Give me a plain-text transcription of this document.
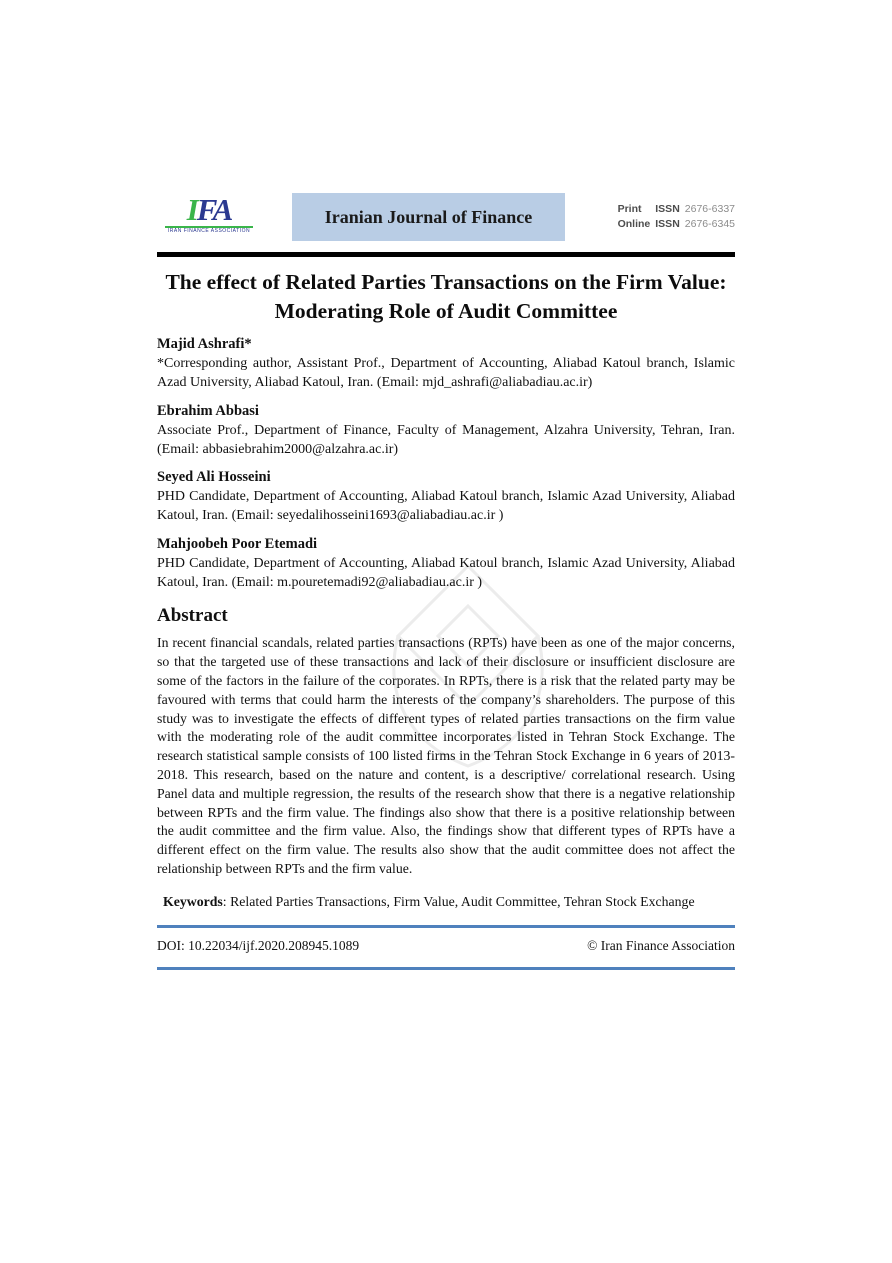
IFA
IRAN FINANCE ASSOCIATION
Iranian Journal of Finance	Print	ISSN 2676-6337
Online ISSN 2676-6345
The effect of Related Parties Transactions on the Firm Value: Moderating Role of Audit Committee
Majid Ashrafi*

*Corresponding author, Assistant Prof., Department of Accounting, Aliabad Katoul branch, Islamic Azad University, Aliabad Katoul, Iran. (Email: mjd_ashrafi@aliabadiau.ac.ir)

Ebrahim Abbasi

Associate Prof., Department of Finance, Faculty of Management, Alzahra University, Tehran, Iran. (Email: abbasiebrahim2000@alzahra.ac.ir)

Seyed Ali Hosseini

PHD Candidate, Department of Accounting, Aliabad Katoul branch, Islamic Azad University, Aliabad Katoul, Iran. (Email: seyedalihosseini1693@aliabadiau.ac.ir )

Mahjoobeh Poor Etemadi

PHD Candidate, Department of Accounting, Aliabad Katoul branch, Islamic Azad University, Aliabad Katoul, Iran. (Email: m.pouretemadi92@aliabadiau.ac.ir )

Abstract

In recent financial scandals, related parties transactions (RPTs) have been as one of the major concerns, so that the targeted use of these transactions and lack of their disclosure or insufficient disclosure are some of the factors in the failure of the corporates. In RPTs, there is a risk that the related party may be favoured with terms that could harm the interests of the company’s shareholders. The purpose of this study was to investigate the effects of different types of related parties transactions on the firm value with the moderating role of the audit committee incorporates listed in Tehran Stock Exchange. The research statistical sample consists of 100 listed firms in the Tehran Stock Exchange in 6 years of 2013-2018. This research, based on the nature and content, is a descriptive/ correlational research. Using Panel data and multiple regression, the results of the research show that there is a negative relationship between RPTs and the firm value. The findings also show that there is a positive relationship between the audit committee and the firm value. Also, the findings show that different types of RPTs have a different effect on the firm value. The results also show that the audit committee does not affect the relationship between RPTs and the firm value.

Keywords: Related Parties Transactions, Firm Value, Audit Committee, Tehran Stock Exchange

DOI: 10.22034/ijf.2020.208945.1089	© Iran Finance Association
